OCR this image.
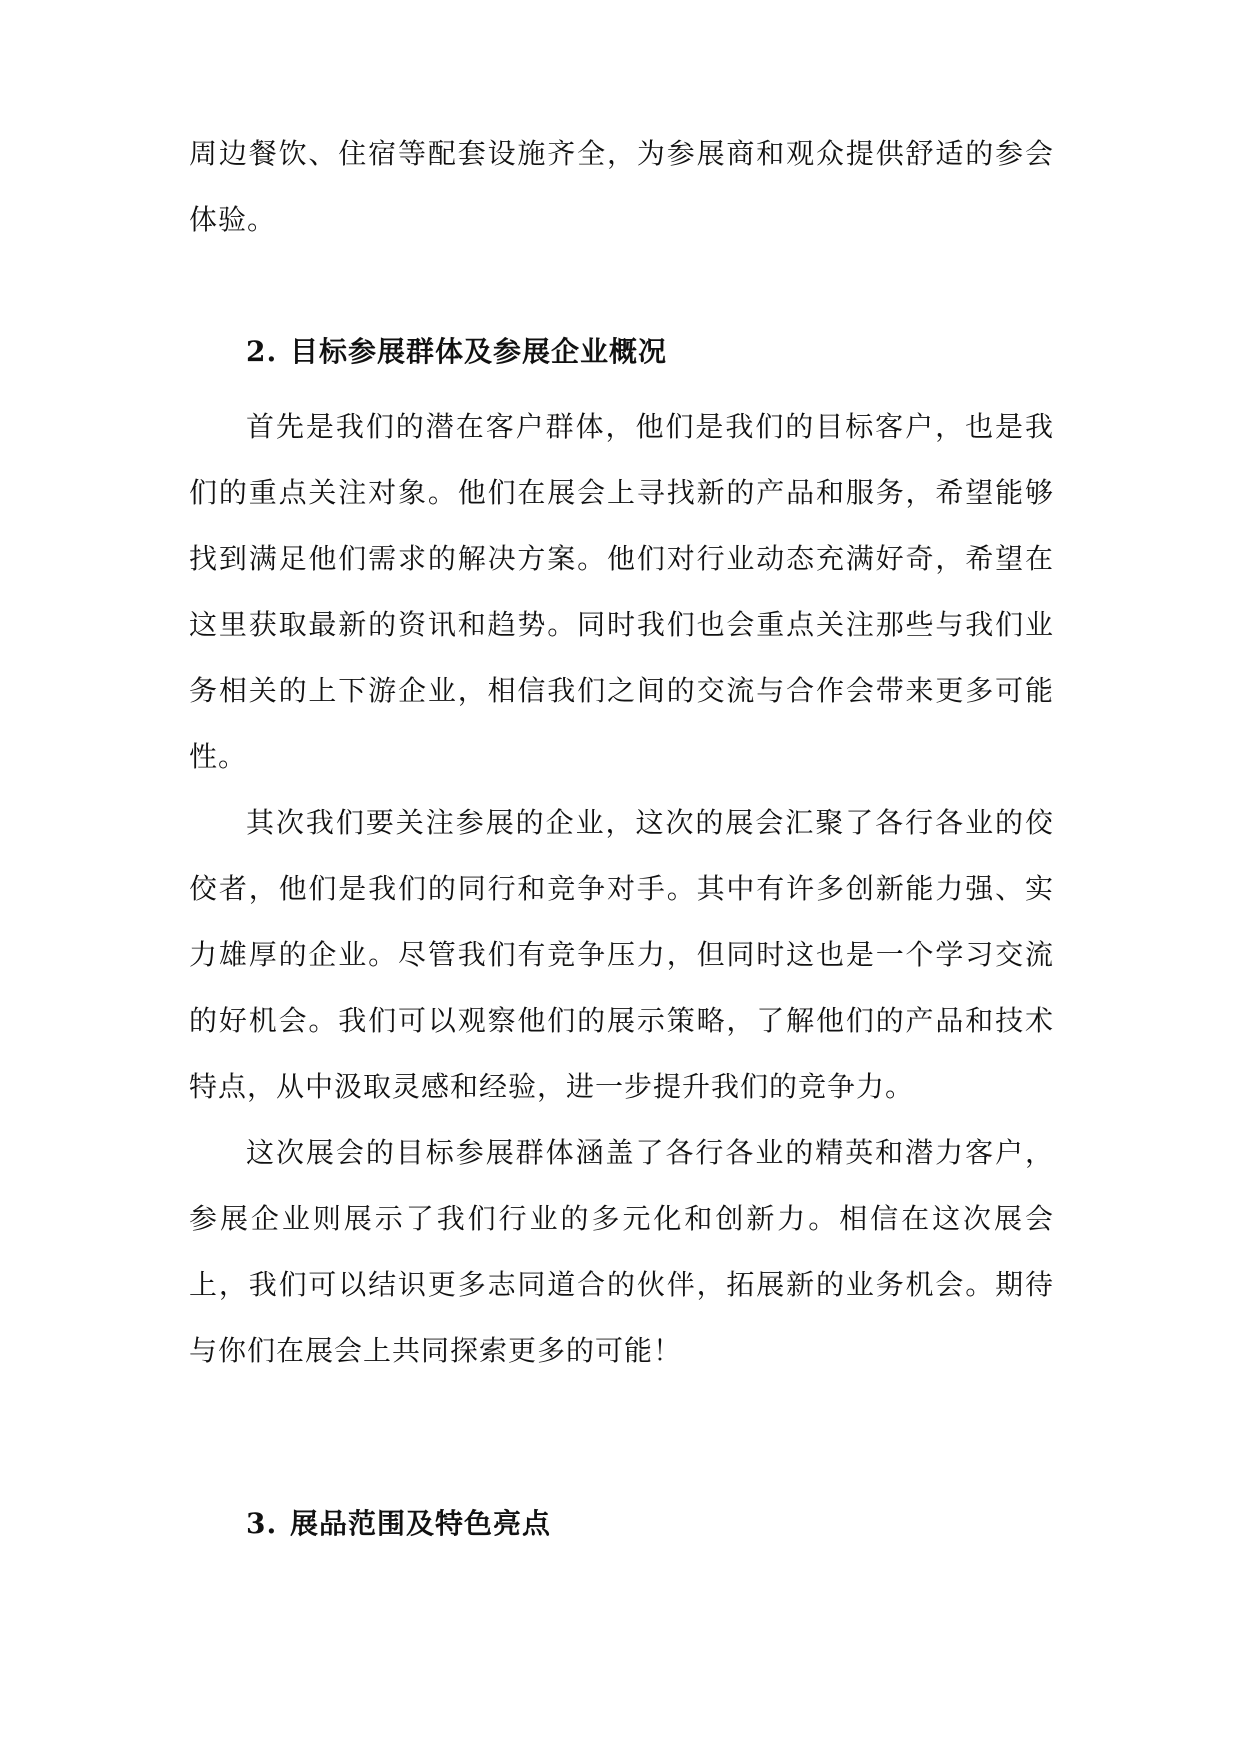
周边餐饮、住宿等配套设施齐全，为参展商和观众提供舒适的参会体验。

2. 目标参展群体及参展企业概况

首先是我们的潜在客户群体，他们是我们的目标客户，也是我们的重点关注对象。他们在展会上寻找新的产品和服务，希望能够找到满足他们需求的解决方案。他们对行业动态充满好奇，希望在这里获取最新的资讯和趋势。同时我们也会重点关注那些与我们业务相关的上下游企业，相信我们之间的交流与合作会带来更多可能性。

其次我们要关注参展的企业，这次的展会汇聚了各行各业的佼佼者，他们是我们的同行和竞争对手。其中有许多创新能力强、实力雄厚的企业。尽管我们有竞争压力，但同时这也是一个学习交流的好机会。我们可以观察他们的展示策略，了解他们的产品和技术特点，从中汲取灵感和经验，进一步提升我们的竞争力。

这次展会的目标参展群体涵盖了各行各业的精英和潜力客户，参展企业则展示了我们行业的多元化和创新力。相信在这次展会上，我们可以结识更多志同道合的伙伴，拓展新的业务机会。期待与你们在展会上共同探索更多的可能！

3. 展品范围及特色亮点
